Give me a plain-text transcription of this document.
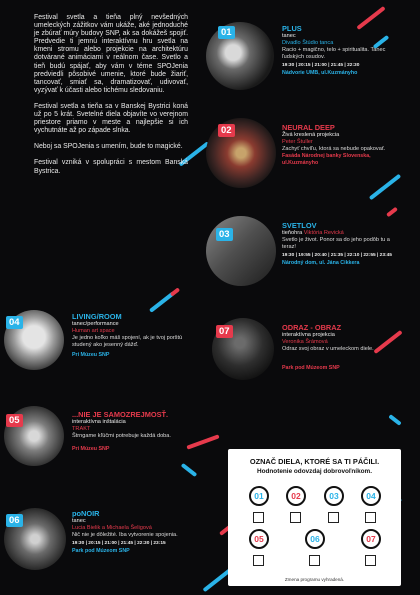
Festival svetla a tieňa plný nevšedných umeleckých zážitkov vám ukáže, aké jednoduché je zbúrať múry budovy SNP, ak sa dokážeš spojiť. Predvedie ti jemnú interaktívnu hru svetla na kmeni stromu alebo projekcie na architektúru dotvárané animáciami v reálnom čase. Svetlo a tieň budú spájať, aby vám v téme SPOJenia predviedli pôsobivé umenie, ktoré bude žiariť, tancovať, smiať sa, dramatizovať, udivovať, vyzývať k účasti alebo tichému sledovaniu.

Festival svetla a tieňa sa v Banskej Bystrici koná už po 5 krát. Svetelné diela objavíte vo verejnom priestore priamo v meste a najlepšie si ich vychutnáte až po západe slnka.

Neboj sa SPOJenia s umením, bude to magické.

Festival vzniká v spolupráci s mestom Banská Bystrica.

01	PLUS
tanec
Divadlo Štúdio tanca
Racio + magično, telo + spiritualita. Tanec ľudských osudov.
19:30 | 20:15 | 21:00 | 21:45 | 22:30
Nádvorie UMB, ul.Kuzmányho
02	NEURAL DEEP
Živá kreslená projekcia
Peter Štuller
Zachyť chvíľu, ktorá sa nebude opakovať.
Fasáda Národnej banky Slovenska, ul.Kuzmányho
03
SVETLOV
tieňohra Viktória Revická
Svetlo je život. Ponor sa do jeho podôb tu a teraz!
19:30 | 19:55 | 20:40 | 21:35 | 22:10 | 22:55 | 23:45
Národný dom, ul. Jána Cikkera
04
LIVING/ROOM
tanec/performance
Human art space
Je jedno koľko máš spojení, ak je tvoj porštú studený ako jesenný dážď.
Pri Múzeu SNP
07	ODRAZ - OBRAZ
interaktívna projekcia
Veronika Šrámová
Odraz svoj obraz v umeleckom diele.
Park pod Múzeom SNP
05
...NIE JE SAMOZREJMOSŤ.
interaktívna inštalácia
TRAKT
Štrngame kľúčmi potrebuje každá doba.
Pri Múzeu SNP
06
poNOIR
tanec
Lucia Bielik a Michaela Šeligová
Nič nie je dôležité. Iba vytvorenie spojenia.
19:30 | 20:15 | 21:00 | 21:45 | 22:30 | 23:15
Park pod Múzeom SNP
OZNAČ DIELA, KTORÉ SA TI PÁČILI.
Hodnotenie odovzdaj dobrovoľníkom.
01	02	03	04
05	06	07
Zmena programu vyhradená.
